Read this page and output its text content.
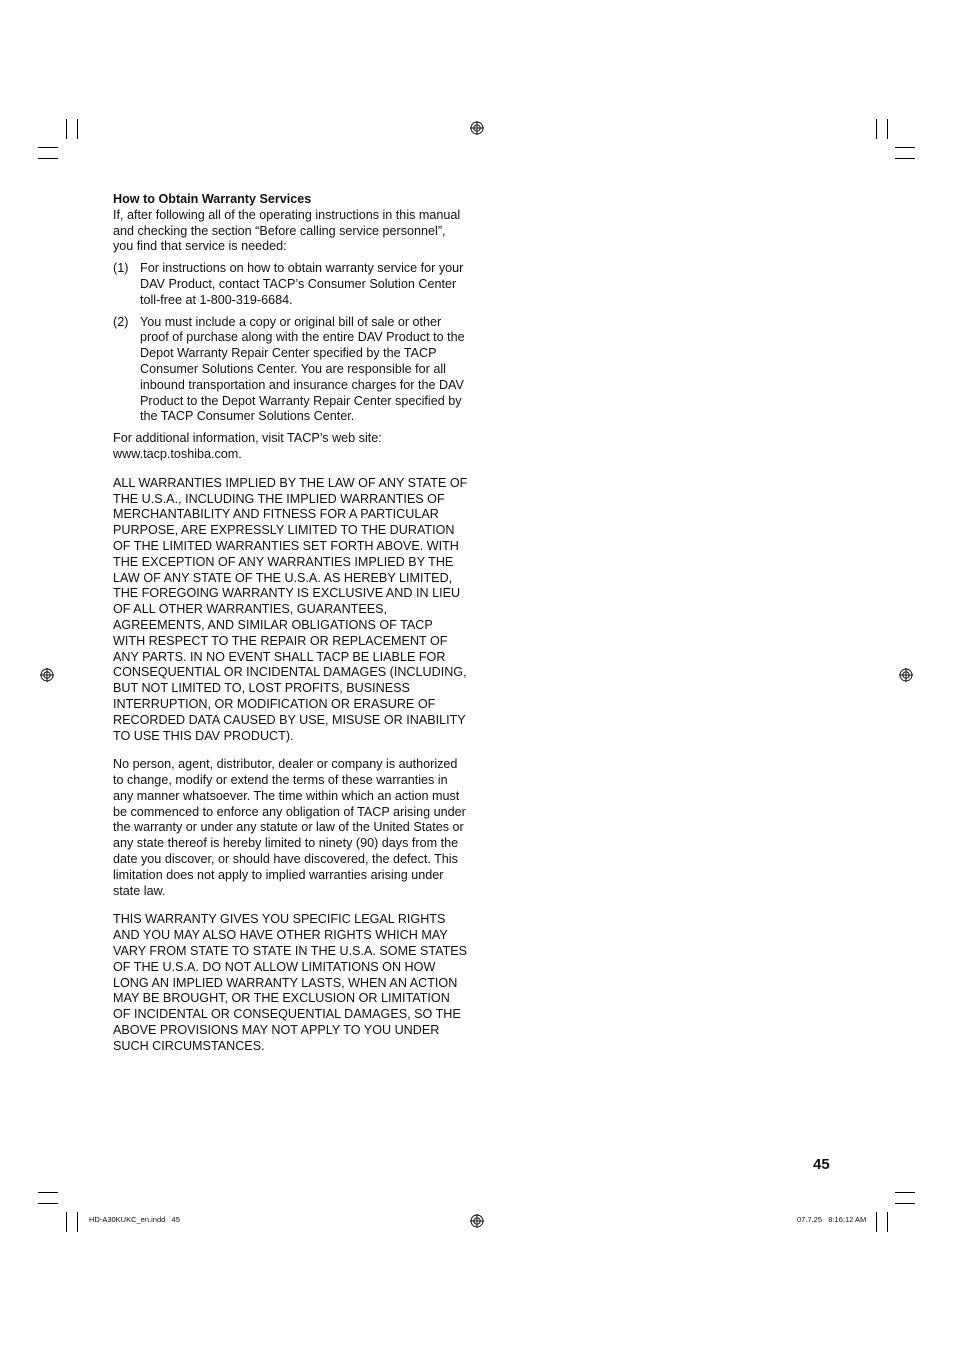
How to Obtain Warranty Services

If, after following all of the operating instructions in this manual and checking the section “Before calling service personnel”, you find that service is needed:

(1) For instructions on how to obtain warranty service for your DAV Product, contact TACP’s Consumer Solution Center toll-free at 1-800-319-6684.
(2) You must include a copy or original bill of sale or other proof of purchase along with the entire DAV Product to the Depot Warranty Repair Center specified by the TACP Consumer Solutions Center. You are responsible for all inbound transportation and insurance charges for the DAV Product to the Depot Warranty Repair Center specified by the TACP Consumer Solutions Center.

For additional information, visit TACP’s web site: www.tacp.toshiba.com.

ALL WARRANTIES IMPLIED BY THE LAW OF ANY STATE OF THE U.S.A., INCLUDING THE IMPLIED WARRANTIES OF MERCHANTABILITY AND FITNESS FOR A PARTICULAR PURPOSE, ARE EXPRESSLY LIMITED TO THE DURATION OF THE LIMITED WARRANTIES SET FORTH ABOVE. WITH THE EXCEPTION OF ANY WARRANTIES IMPLIED BY THE LAW OF ANY STATE OF THE U.S.A. AS HEREBY LIMITED, THE FOREGOING WARRANTY IS EXCLUSIVE AND IN LIEU OF ALL OTHER WARRANTIES, GUARANTEES, AGREEMENTS, AND SIMILAR OBLIGATIONS OF TACP WITH RESPECT TO THE REPAIR OR REPLACEMENT OF ANY PARTS. IN NO EVENT SHALL TACP BE LIABLE FOR CONSEQUENTIAL OR INCIDENTAL DAMAGES (INCLUDING, BUT NOT LIMITED TO, LOST PROFITS, BUSINESS INTERRUPTION, OR MODIFICATION OR ERASURE OF RECORDED DATA CAUSED BY USE, MISUSE OR INABILITY TO USE THIS DAV PRODUCT).

No person, agent, distributor, dealer or company is authorized to change, modify or extend the terms of these warranties in any manner whatsoever. The time within which an action must be commenced to enforce any obligation of TACP arising under the warranty or under any statute or law of the United States or any state thereof is hereby limited to ninety (90) days from the date you discover, or should have discovered, the defect. This limitation does not apply to implied warranties arising under state law.

THIS WARRANTY GIVES YOU SPECIFIC LEGAL RIGHTS AND YOU MAY ALSO HAVE OTHER RIGHTS WHICH MAY VARY FROM STATE TO STATE IN THE U.S.A. SOME STATES OF THE U.S.A. DO NOT ALLOW LIMITATIONS ON HOW LONG AN IMPLIED WARRANTY LASTS, WHEN AN ACTION MAY BE BROUGHT, OR THE EXCLUSION OR LIMITATION OF INCIDENTAL OR CONSEQUENTIAL DAMAGES, SO THE ABOVE PROVISIONS MAY NOT APPLY TO YOU UNDER SUCH CIRCUMSTANCES.

45
HD-A30KUKC_en.indd   45	07.7.25   8:16:12 AM
